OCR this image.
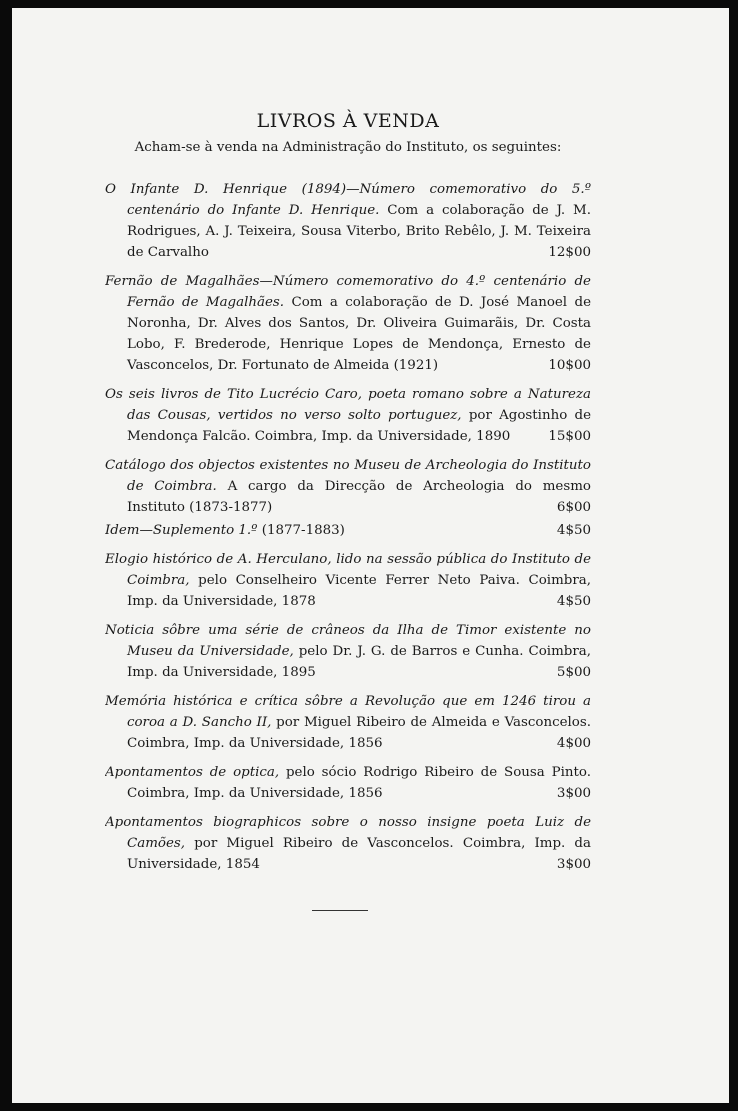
LIVROS À VENDA
Acham-se à venda na Administração do Instituto, os seguintes:
O Infante D. Henrique (1894)—Número comemorativo do 5.º centenário do Infante D. Henrique. Com a colaboração de J. M. Rodrigues, A. J. Teixeira, Sousa Viterbo, Brito Rebêlo, J. M. Teixeira de Carvalho	12$00
Fernão de Magalhães—Número comemorativo do 4.º centenário de Fernão de Magalhães. Com a colaboração de D. José Manoel de Noronha, Dr. Alves dos Santos, Dr. Oliveira Guimarãis, Dr. Costa Lobo, F. Brederode, Henrique Lopes de Mendonça, Ernesto de Vasconcelos, Dr. Fortunato de Almeida (1921)	10$00
Os seis livros de Tito Lucrécio Caro, poeta romano sobre a Natureza das Cousas, vertidos no verso solto portuguez, por Agostinho de Mendonça Falcão. Coimbra, Imp. da Universidade, 1890	15$00
Catálogo dos objectos existentes no Museu de Archeologia do Instituto de Coimbra. A cargo da Direcção de Archeologia do mesmo Instituto (1873-1877)	6$00
Idem—Suplemento 1.º (1877-1883)	4$50
Elogio histórico de A. Herculano, lido na sessão pública do Instituto de Coimbra, pelo Conselheiro Vicente Ferrer Neto Paiva. Coimbra, Imp. da Universidade, 1878	4$50
Noticia sôbre uma série de crâneos da Ilha de Timor existente no Museu da Universidade, pelo Dr. J. G. de Barros e Cunha. Coimbra, Imp. da Universidade, 1895	5$00
Memória histórica e crítica sôbre a Revolução que em 1246 tirou a coroa a D. Sancho II, por Miguel Ribeiro de Almeida e Vasconcelos. Coimbra, Imp. da Universidade, 1856	4$00
Apontamentos de optica, pelo sócio Rodrigo Ribeiro de Sousa Pinto. Coimbra, Imp. da Universidade, 1856	3$00
Apontamentos biographicos sobre o nosso insigne poeta Luiz de Camões, por Miguel Ribeiro de Vasconcelos. Coimbra, Imp. da Universidade, 1854	3$00
